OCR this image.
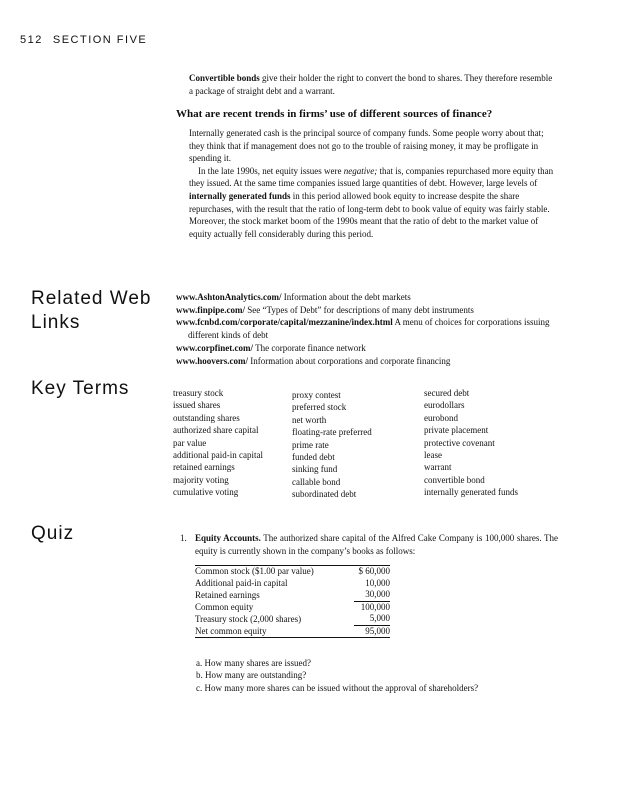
512 SECTION FIVE

Convertible bonds give their holder the right to convert the bond to shares. They therefore resemble a package of straight debt and a warrant.

What are recent trends in firms’ use of different sources of finance?

Internally generated cash is the principal source of company funds. Some people worry about that; they think that if management does not go to the trouble of raising money, it may be profligate in spending it.

In the late 1990s, net equity issues were negative; that is, companies repurchased more equity than they issued. At the same time companies issued large quantities of debt. However, large levels of internally generated funds in this period allowed book equity to increase despite the share repurchases, with the result that the ratio of long-term debt to book value of equity was fairly stable. Moreover, the stock market boom of the 1990s meant that the ratio of debt to the market value of equity actually fell considerably during this period.

Related Web
Links

www.AshtonAnalytics.com/ Information about the debt markets

www.finpipe.com/ See “Types of Debt” for descriptions of many debt instruments

www.fcnbd.com/corporate/capital/mezzanine/index.html A menu of choices for corporations issuing different kinds of debt

www.corpfinet.com/ The corporate finance network

www.hoovers.com/ Information about corporations and corporate financing

Key Terms	treasury stock
issued shares
outstanding shares
authorized share capital
par value
additional paid-in capital
retained earnings
majority voting
cumulative voting
proxy contest
preferred stock
net worth
floating-rate preferred
prime rate
funded debt
sinking fund
callable bond
subordinated debt
secured debt
eurodollars
eurobond
private placement
protective covenant
lease
warrant
convertible bond
internally generated funds
Quiz	1. Equity Accounts. The authorized share capital of the Alfred Cake Company is 100,000 shares. The equity is currently shown in the company’s books as follows:
Common stock ($1.00 par value)	$ 60,000
Additional paid-in capital	10,000
Retained earnings	30,000
Common equity	100,000
Treasury stock (2,000 shares)	5,000
Net common equity	95,000
a. How many shares are issued?
b. How many are outstanding?
c. How many more shares can be issued without the approval of shareholders?
